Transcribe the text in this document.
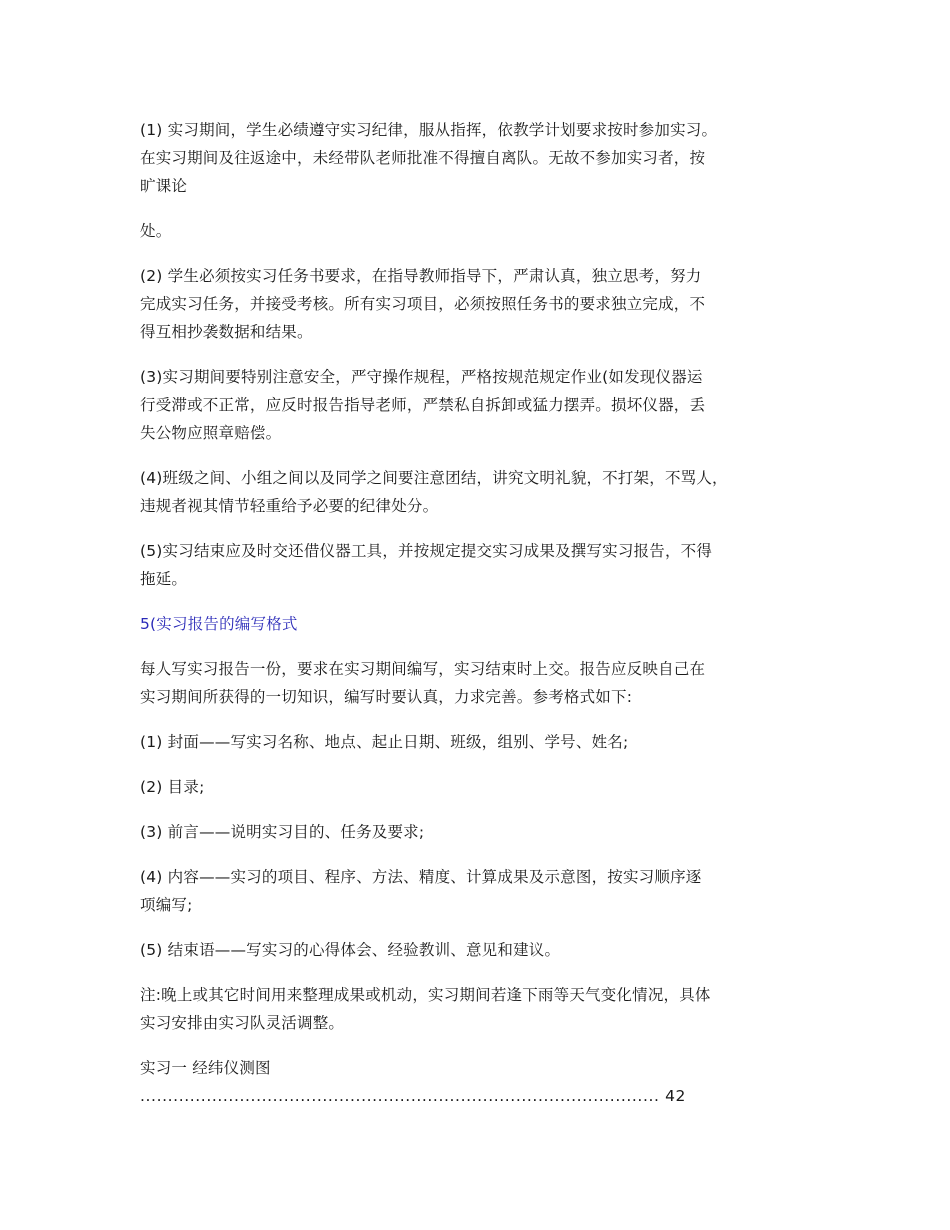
(1) 实习期间，学生必绩遵守实习纪律，服从指挥，依教学计划要求按时参加实习。
在实习期间及往返途中，未经带队老师批准不得擅自离队。无故不参加实习者，按
旷课论

处。

(2) 学生必须按实习任务书要求，在指导教师指导下，严肃认真，独立思考，努力
完成实习任务，并接受考核。所有实习项目，必须按照任务书的要求独立完成，不
得互相抄袭数据和结果。

(3)实习期间要特别注意安全，严守操作规程，严格按规范规定作业(如发现仪器运
行受滞或不正常，应反时报告指导老师，严禁私自拆卸或猛力摆弄。损坏仪器，丢
失公物应照章赔偿。

(4)班级之间、小组之间以及同学之间要注意团结，讲究文明礼貌，不打架，不骂人，
违规者视其情节轻重给予必要的纪律处分。

(5)实习结束应及时交还借仪器工具，并按规定提交实习成果及撰写实习报告，不得
拖延。

5(实习报告的编写格式

每人写实习报告一份，要求在实习期间编写，实习结束时上交。报告应反映自己在
实习期间所获得的一切知识，编写时要认真，力求完善。参考格式如下:

(1) 封面——写实习名称、地点、起止日期、班级，组别、学号、姓名;

(2) 目录;

(3) 前言——说明实习目的、任务及要求;

(4) 内容——实习的项目、程序、方法、精度、计算成果及示意图，按实习顺序逐
项编写;

(5) 结束语——写实习的心得体会、经验教训、意见和建议。

注:晚上或其它时间用来整理成果或机动，实习期间若逢下雨等天气变化情况，具体
实习安排由实习队灵活调整。

实习一 经纬仪测图
.............................................................................................. 42
